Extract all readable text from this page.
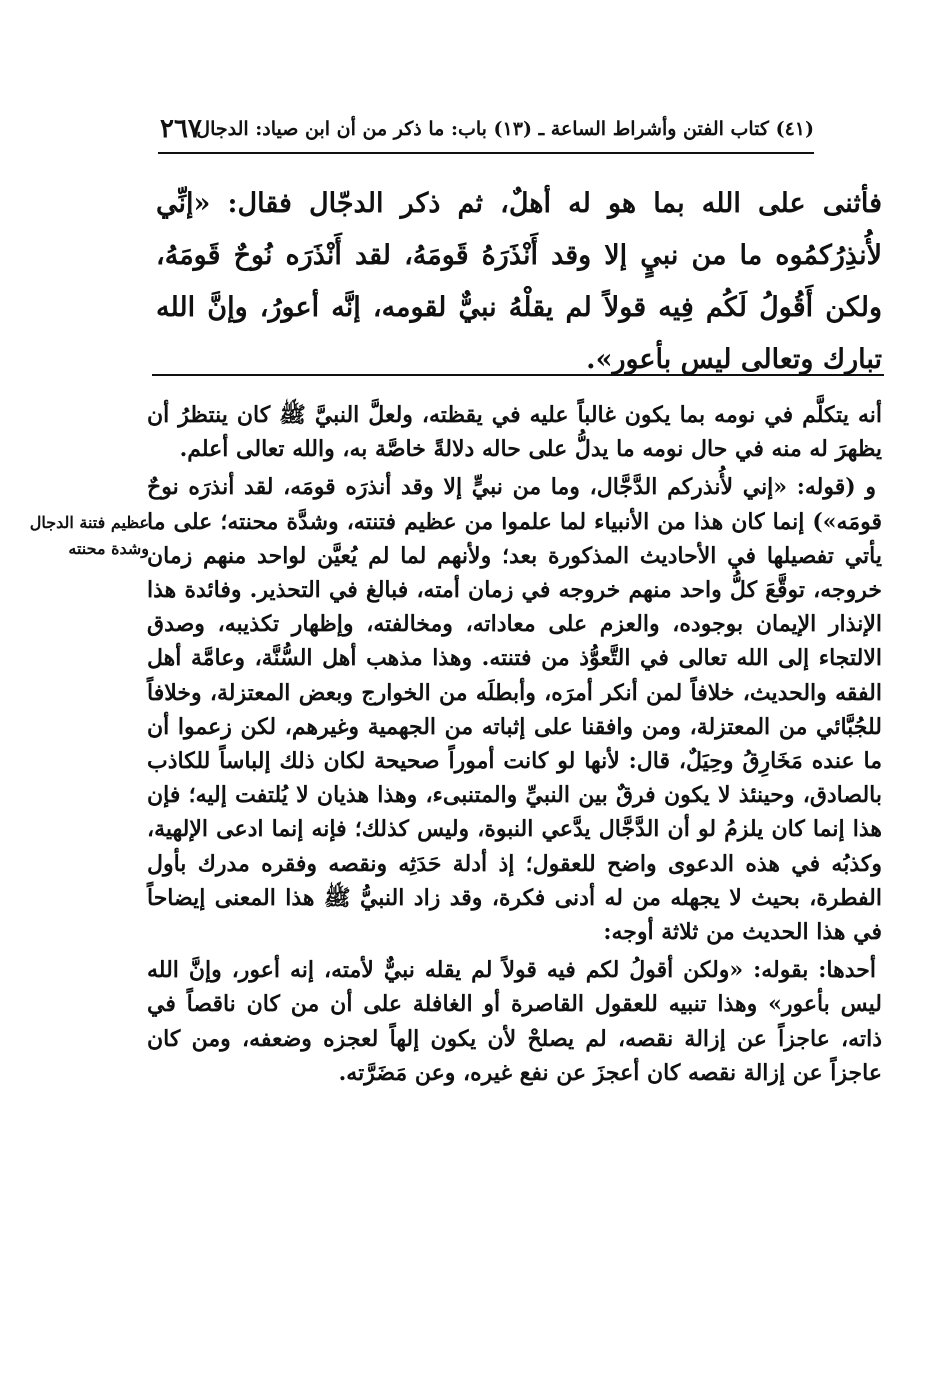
(٤١) كتاب الفتن وأشراط الساعة ـ (١٣) باب: ما ذكر من أن ابن صياد: الدجال
٢٦٧
فأثنى على الله بما هو له أهلٌ، ثم ذكر الدجّال فقال: «إنِّي لأُنذِرُكمُوه ما من نبيٍ إلا وقد أَنْذَرَهُ قَومَهُ، لقد أَنْذَرَه نُوحٌ قَومَهُ، ولكن أَقُولُ لَكُم فِيه قولاً لم يقلْهُ نبيٌّ لقومه، إنَّه أعورُ، وإنَّ الله تبارك وتعالى ليس بأعور».

أنه يتكلَّم في نومه بما يكون غالباً عليه في يقظته، ولعلَّ النبيَّ ﷺ كان ينتظرُ أن يظهرَ له منه في حال نومه ما يدلُّ على حاله دلالةً خاصَّة به، والله تعالى أعلم.

و (قوله: «إني لأُنذركم الدَّجَّال، وما من نبيٍّ إلا وقد أنذرَه قومَه، لقد أنذرَه نوحٌ قومَه») إنما كان هذا من الأنبياء لما علموا من عظيم فتنته، وشدَّة محنته؛ على ما يأتي تفصيلها في الأحاديث المذكورة بعد؛ ولأنهم لما لم يُعيَّن لواحد منهم زمان خروجه، توقَّعَ كلُّ واحد منهم خروجه في زمان أمته، فبالغ في التحذير. وفائدة هذا الإنذار الإيمان بوجوده، والعزم على معاداته، ومخالفته، وإظهار تكذيبه، وصدق الالتجاء إلى الله تعالى في التَّعوُّذ من فتنته. وهذا مذهب أهل السُّنَّة، وعامَّة أهل الفقه والحديث، خلافاً لمن أنكر أمرَه، وأبطلَه من الخوارج وبعض المعتزلة، وخلافاً للجُبَّائي من المعتزلة، ومن وافقنا على إثباته من الجهمية وغيرهم، لكن زعموا أن ما عنده مَخَارِقُ وحِيَلٌ، قال: لأنها لو كانت أموراً صحيحة لكان ذلك إلباساً للكاذب بالصادق، وحينئذ لا يكون فرقٌ بين النبيِّ والمتنبىء، وهذا هذيان لا يُلتفت إليه؛ فإن هذا إنما كان يلزمُ لو أن الدَّجَّال يدَّعي النبوة، وليس كذلك؛ فإنه إنما ادعى الإلهية، وكذبُه في هذه الدعوى واضح للعقول؛ إذ أدلة حَدَثِه ونقصه وفقره مدرك بأول الفطرة، بحيث لا يجهله من له أدنى فكرة، وقد زاد النبيُّ ﷺ هذا المعنى إيضاحاً في هذا الحديث من ثلاثة أوجه:

أحدها: بقوله: «ولكن أقولُ لكم فيه قولاً لم يقله نبيٌّ لأمته، إنه أعور، وإنَّ الله ليس بأعور» وهذا تنبيه للعقول القاصرة أو الغافلة على أن من كان ناقصاً في ذاته، عاجزاً عن إزالة نقصه، لم يصلحْ لأن يكون إلهاً لعجزه وضعفه، ومن كان عاجزاً عن إزالة نقصه كان أعجزَ عن نفع غيره، وعن مَضَرَّته.

عظيم فتنة الدجال وشدة محنته
